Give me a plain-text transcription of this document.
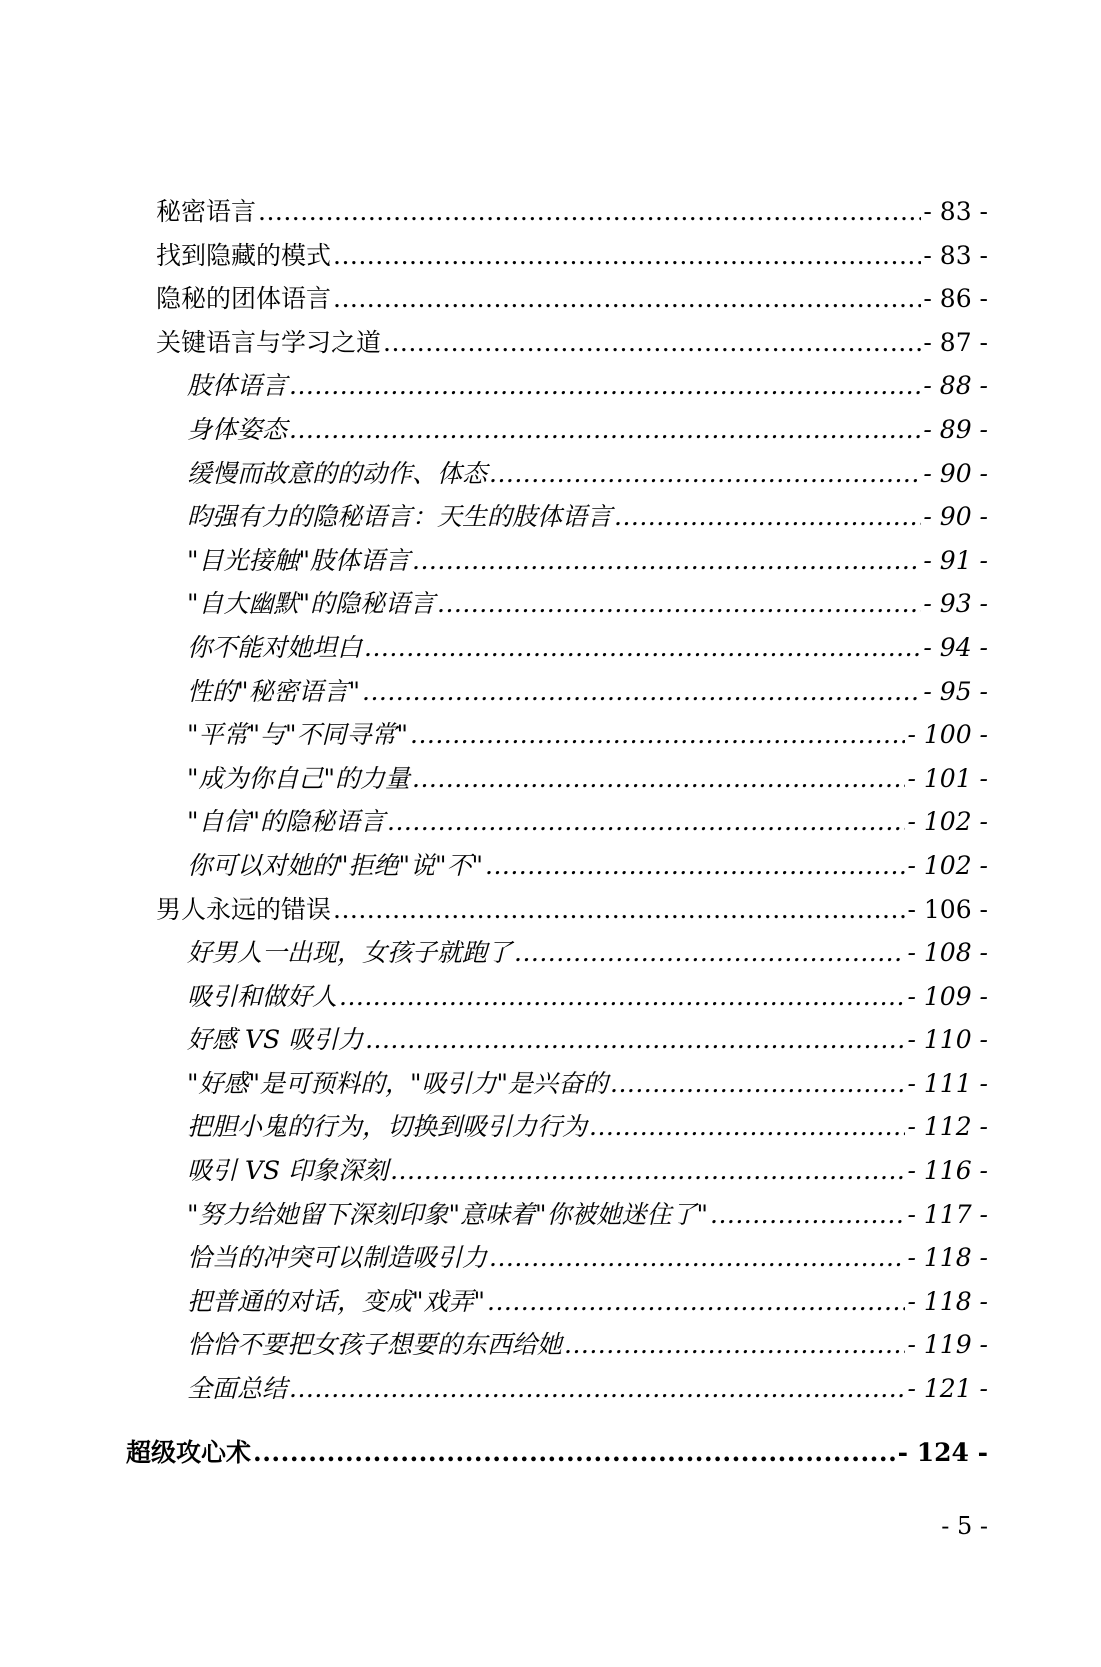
秘密语言 .....	- 83 -
找到隐藏的模式 .....	- 83 -
隐秘的团体语言 .....	- 86 -
关键语言与学习之道 .....	- 87 -
肢体语言 .....	- 88 -
身体姿态 .....	- 89 -
缓慢而故意的的动作、体态 .....	- 90 -
昀强有力的隐秘语言：天生的肢体语言 .....	- 90 -
"目光接触"肢体语言 .....	- 91 -
"自大幽默"的隐秘语言 .....	- 93 -
你不能对她坦白 .....	- 94 -
性的"秘密语言" .....	- 95 -
"平常"与"不同寻常" .....	- 100 -
"成为你自己"的力量 .....	- 101 -
"自信"的隐秘语言 .....	- 102 -
你可以对她的"拒绝"说"不" .....	- 102 -
男人永远的错误 .....	- 106 -
好男人一出现，女孩子就跑了 .....	- 108 -
吸引和做好人 .....	- 109 -
好感 VS 吸引力 .....	- 110 -
"好感"是可预料的，"吸引力"是兴奋的 .....	- 111 -
把胆小鬼的行为，切换到吸引力行为 .....	- 112 -
吸引 VS 印象深刻 .....	- 116 -
"努力给她留下深刻印象"意味着"你被她迷住了" .....	- 117 -
恰当的冲突可以制造吸引力 .....	- 118 -
把普通的对话，变成"戏弄" .....	- 118 -
恰恰不要把女孩子想要的东西给她 .....	- 119 -
全面总结 .....	- 121 -
超级攻心术 .....	- 124 -
- 5 -
